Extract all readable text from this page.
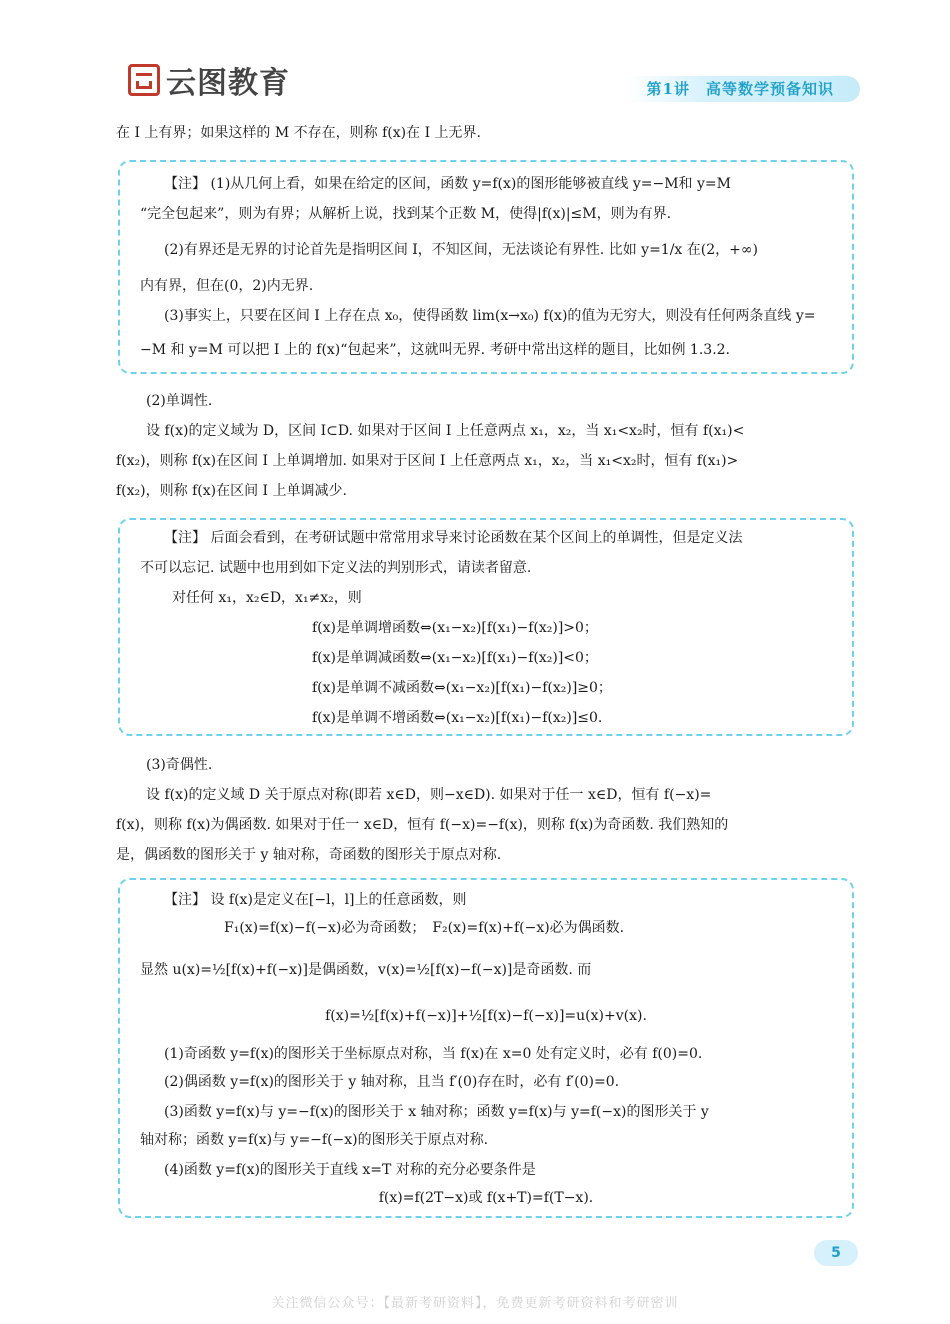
云图教育	第1讲　高等数学预备知识
在 I 上有界；如果这样的 M 不存在，则称 f(x)在 I 上无界.
【注】 (1)从几何上看，如果在给定的区间，函数 y=f(x)的图形能够被直线 y=−M和 y=M
“完全包起来”，则为有界；从解析上说，找到某个正数 M，使得|f(x)|≤M，则为有界.
(2)有界还是无界的讨论首先是指明区间 I，不知区间，无法谈论有界性. 比如 y=1/x 在(2，+∞)
内有界，但在(0，2)内无界.
(3)事实上，只要在区间 I 上存在点 x₀，使得函数 lim(x→x₀) f(x)的值为无穷大，则没有任何两条直线 y=
−M 和 y=M 可以把 I 上的 f(x)“包起来”，这就叫无界. 考研中常出这样的题目，比如例 1.3.2.
(2)单调性.
设 f(x)的定义域为 D，区间 I⊂D. 如果对于区间 I 上任意两点 x₁，x₂，当 x₁<x₂时，恒有 f(x₁)<
f(x₂)，则称 f(x)在区间 I 上单调增加. 如果对于区间 I 上任意两点 x₁，x₂，当 x₁<x₂时，恒有 f(x₁)>
f(x₂)，则称 f(x)在区间 I 上单调减少.
【注】 后面会看到，在考研试题中常常用求导来讨论函数在某个区间上的单调性，但是定义法
不可以忘记. 试题中也用到如下定义法的判别形式，请读者留意.
对任何 x₁，x₂∈D，x₁≠x₂，则
f(x)是单调增函数⇔(x₁−x₂)[f(x₁)−f(x₂)]>0；
f(x)是单调减函数⇔(x₁−x₂)[f(x₁)−f(x₂)]<0；
f(x)是单调不减函数⇔(x₁−x₂)[f(x₁)−f(x₂)]≥0；
f(x)是单调不增函数⇔(x₁−x₂)[f(x₁)−f(x₂)]≤0.
(3)奇偶性.
设 f(x)的定义域 D 关于原点对称(即若 x∈D，则−x∈D). 如果对于任一 x∈D，恒有 f(−x)=
f(x)，则称 f(x)为偶函数. 如果对于任一 x∈D，恒有 f(−x)=−f(x)，则称 f(x)为奇函数. 我们熟知的
是，偶函数的图形关于 y 轴对称，奇函数的图形关于原点对称.
【注】 设 f(x)是定义在[−l，l]上的任意函数，则
F₁(x)=f(x)−f(−x)必为奇函数；　F₂(x)=f(x)+f(−x)必为偶函数.
显然 u(x)=½[f(x)+f(−x)]是偶函数，v(x)=½[f(x)−f(−x)]是奇函数. 而
f(x)=½[f(x)+f(−x)]+½[f(x)−f(−x)]=u(x)+v(x).
(1)奇函数 y=f(x)的图形关于坐标原点对称，当 f(x)在 x=0 处有定义时，必有 f(0)=0.
(2)偶函数 y=f(x)的图形关于 y 轴对称，且当 f′(0)存在时，必有 f′(0)=0.
(3)函数 y=f(x)与 y=−f(x)的图形关于 x 轴对称；函数 y=f(x)与 y=f(−x)的图形关于 y
轴对称；函数 y=f(x)与 y=−f(−x)的图形关于原点对称.
(4)函数 y=f(x)的图形关于直线 x=T 对称的充分必要条件是
f(x)=f(2T−x)或 f(x+T)=f(T−x).
5
关注微信公众号：【最新考研资料】，免费更新考研资料和考研密训
